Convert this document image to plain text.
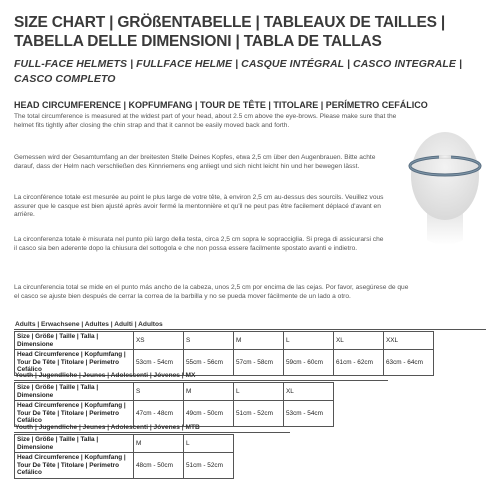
SIZE CHART | GRÖßENTABELLE | TABLEAUX DE TAILLES |
TABELLA DELLE DIMENSIONI | TABLA DE TALLAS
FULL-FACE HELMETS | FULLFACE HELME | CASQUE INTÉGRAL | CASCO INTEGRALE |
CASCO COMPLETO
HEAD CIRCUMFERENCE | KOPFUMFANG | TOUR DE TÊTE | TITOLARE | PERÍMETRO CEFÁLICO
The total circumference is measured at the widest part of your head, about 2.5 cm above the eye-brows. Please make sure that the helmet fits tightly after closing the chin strap and that it cannot be easily moved back and forth.
Gemessen wird der Gesamtumfang an der breitesten Stelle Deines Kopfes, etwa 2,5 cm über den Augenbrauen. Bitte achte darauf, dass der Helm nach verschließen des Kinnriemens eng anliegt und sich nicht leicht hin und her bewegen lässt.
La circonférence totale est mesurée au point le plus large de votre tête, à environ 2,5 cm au-dessus des sourcils. Veuillez vous assurer que le casque est bien ajusté après avoir fermé la mentonnière et qu'il ne peut pas être facilement déplacé d'avant en arrière.
La circonferenza totale è misurata nel punto più largo della testa, circa 2,5 cm sopra le sopracciglia. Si prega di assicurarsi che il casco sia ben aderente dopo la chiusura del sottogola e che non possa essere facilmente spostato avanti e indietro.
La circunferencia total se mide en el punto más ancho de la cabeza, unos 2,5 cm por encima de las cejas. Por favor, asegúrese de que el casco se ajuste bien después de cerrar la correa de la barbilla y no se pueda mover fácilmente de un lado a otro.
Adults | Erwachsene | Adultes | Adulti | Adultos
Size | Größe | Taille | Talla | Dimensione	XS	S	M	L	XL	XXL
Head Circumference | Kopfumfang | Tour De Tête | Titolare | Perímetro Cefálico	53cm - 54cm	55cm - 56cm	57cm - 58cm	59cm - 60cm	61cm - 62cm	63cm - 64cm
Youth | Jugendliche | Jeunes | Adolescenti | Jóvenes | MX
Size | Größe | Taille | Talla | Dimensione	S	M	L	XL
Head Circumference | Kopfumfang | Tour De Tête | Titolare | Perímetro Cefálico	47cm - 48cm	49cm - 50cm	51cm - 52cm	53cm - 54cm
Youth | Jugendliche | Jeunes | Adolescenti | Jóvenes | MTB
Size | Größe | Taille | Talla | Dimensione	M	L
Head Circumference | Kopfumfang | Tour De Tête | Titolare | Perímetro Cefálico	48cm - 50cm	51cm - 52cm
